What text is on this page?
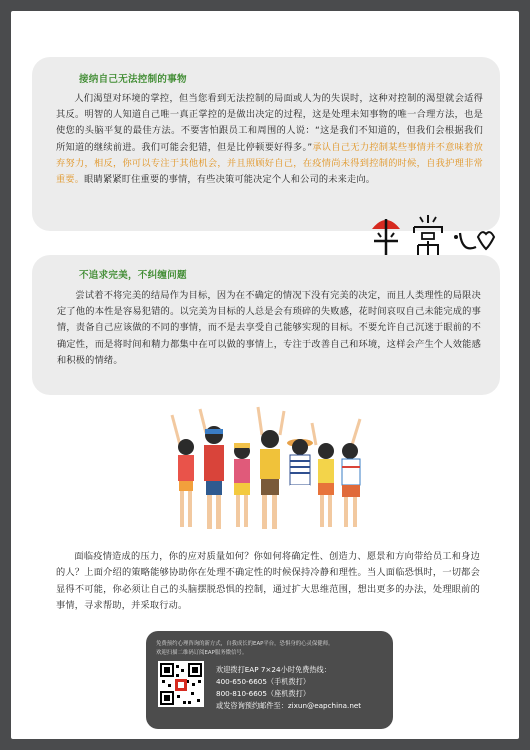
接纳自己无法控制的事物
人们渴望对环境的掌控，但当您看到无法控制的局面或人为的失误时，这种对控制的渴望就会适得其反。明智的人知道自己唯一真正掌控的是做出决定的过程，这是处理未知事物的唯一合理方法，也是使您的头脑平复的最佳方法。不要害怕跟员工和周围的人说：“这是我们不知道的，但我们会根据我们所知道的继续前进。我们可能会犯错，但是比停顿要好得多。”承认自己无力控制某些事情并不意味着放弃努力，相反，你可以专注于其他机会，并且照顾好自己，在疫情尚未得到控制的时候，自我护理非常重要。眼睛紧紧盯住重要的事情，有些决策可能决定个人和公司的未来走向。
不追求完美，不纠缠问题
尝试着不将完美的结局作为目标，因为在不确定的情况下没有完美的决定，而且人类理性的局限决定了他的本性是容易犯错的。以完美为目标的人总是会有琐碎的失败感，花时间哀叹自己未能完成的事情，责备自己应该做的不同的事情，而不是去享受自己能够实现的目标。不要允许自己沉迷于眼前的不确定性，而是将时间和精力都集中在可以做的事情上，专注于改善自己和环境，这样会产生个人效能感和积极的情绪。
面临疫情造成的压力，你的应对质量如何？你如何将确定性、创造力、愿景和方向带给员工和身边的人？上面介绍的策略能够协助你在处理不确定性的时候保持冷静和理性。当人面临恐惧时，一切都会显得不可能，你必须让自己的头脑摆脱恐惧的控制，通过扩大思维范围，想出更多的办法，处理眼前的事情，寻求帮助，并采取行动。
免费预约心理咨询的新方式，自我成长的EAP平台，恐惧身的心灵保健师。
欢迎扫描二维码订阅EAP服务微信号。
欢迎拨打EAP 7×24小时免费热线：
400-650-6605（手机拨打）
800-810-6605（座机拨打）
或发咨询预约邮件至：zixun@eapchina.net
